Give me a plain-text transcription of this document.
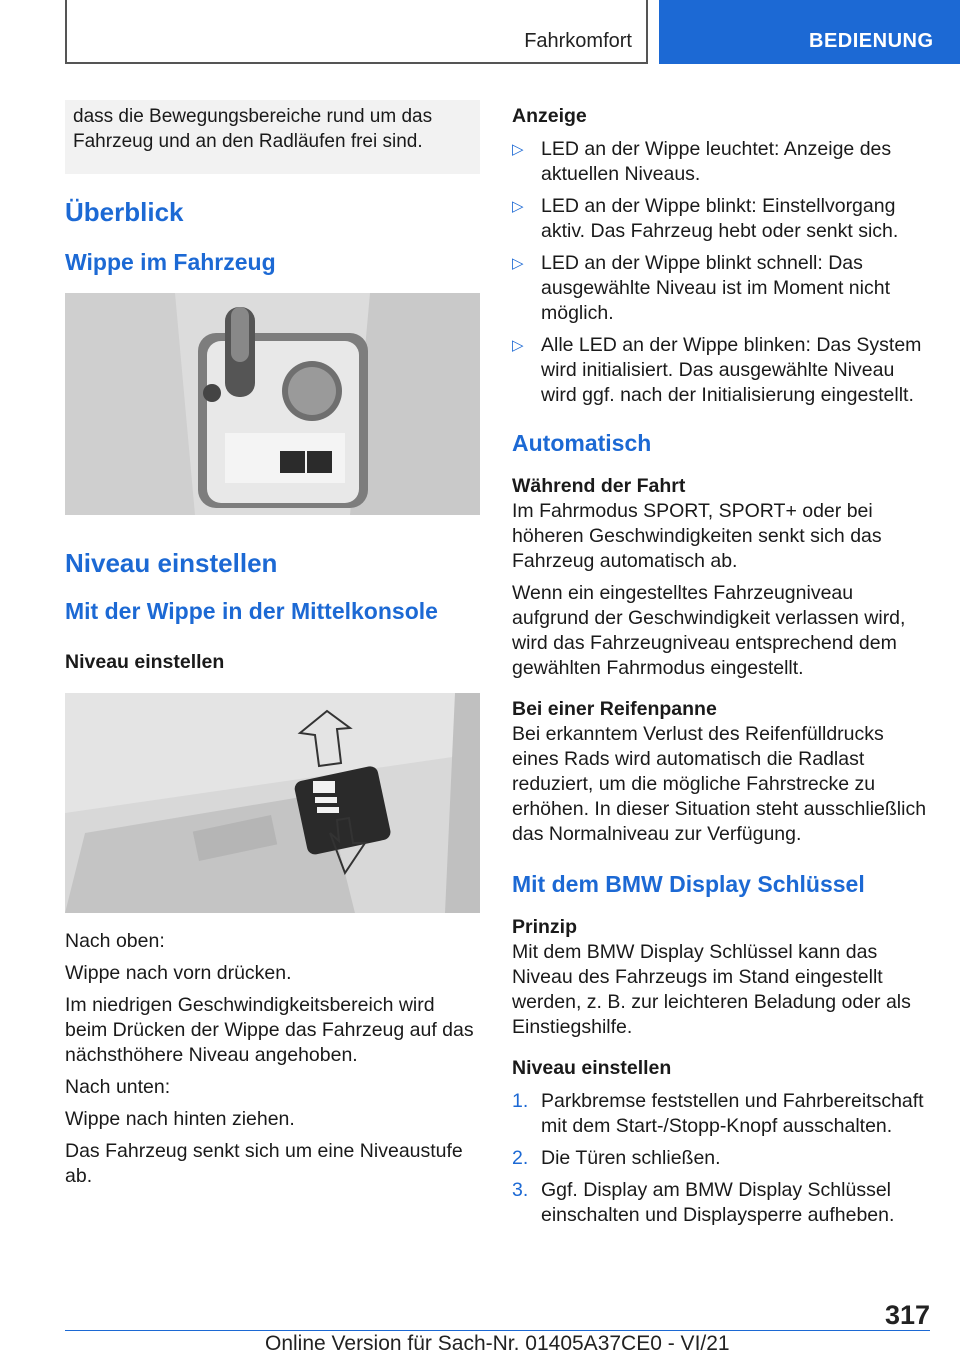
Fahrkomfort	BEDIENUNG

dass die Bewegungsbereiche rund um das

Fahrzeug und an den Radläufen frei sind.

Überblick
Wippe im Fahrzeug
Niveau einstellen
Mit der Wippe in der Mittelkonsole
Niveau einstellen

Nach oben:

Wippe nach vorn drücken.

Im niedrigen Geschwindigkeitsbereich wird beim Drücken der Wippe das Fahrzeug auf das nächsthöhere Niveau angehoben.

Nach unten:

Wippe nach hinten ziehen.

Das Fahrzeug senkt sich um eine Niveaustufe ab.

Anzeige
▷ LED an der Wippe leuchtet: Anzeige des aktuellen Niveaus.
▷ LED an der Wippe blinkt: Einstellvorgang aktiv. Das Fahrzeug hebt oder senkt sich.
▷ LED an der Wippe blinkt schnell: Das ausgewählte Niveau ist im Moment nicht möglich.
▷ Alle LED an der Wippe blinken: Das System wird initialisiert. Das ausgewählte Niveau wird ggf. nach der Initialisierung eingestellt.
Automatisch
Während der Fahrt

Im Fahrmodus SPORT, SPORT+ oder bei höheren Geschwindigkeiten senkt sich das Fahrzeug automatisch ab.

Wenn ein eingestelltes Fahrzeugniveau aufgrund der Geschwindigkeit verlassen wird, wird das Fahrzeugniveau entsprechend dem gewählten Fahrmodus eingestellt.

Bei einer Reifenpanne

Bei erkanntem Verlust des Reifenfülldrucks eines Rads wird automatisch die Radlast reduziert, um die mögliche Fahrstrecke zu erhöhen. In dieser Situation steht ausschließlich das Normalniveau zur Verfügung.

Mit dem BMW Display Schlüssel
Prinzip

Mit dem BMW Display Schlüssel kann das Niveau des Fahrzeugs im Stand eingestellt werden, z. B. zur leichteren Beladung oder als Einstiegshilfe.

Niveau einstellen
1. Parkbremse feststellen und Fahrbereitschaft mit dem Start-/Stopp-Knopf ausschalten.
2. Die Türen schließen.
3. Ggf. Display am BMW Display Schlüssel einschalten und Displaysperre aufheben.
317
Online Version für Sach-Nr. 01405A37CE0 - VI/21
